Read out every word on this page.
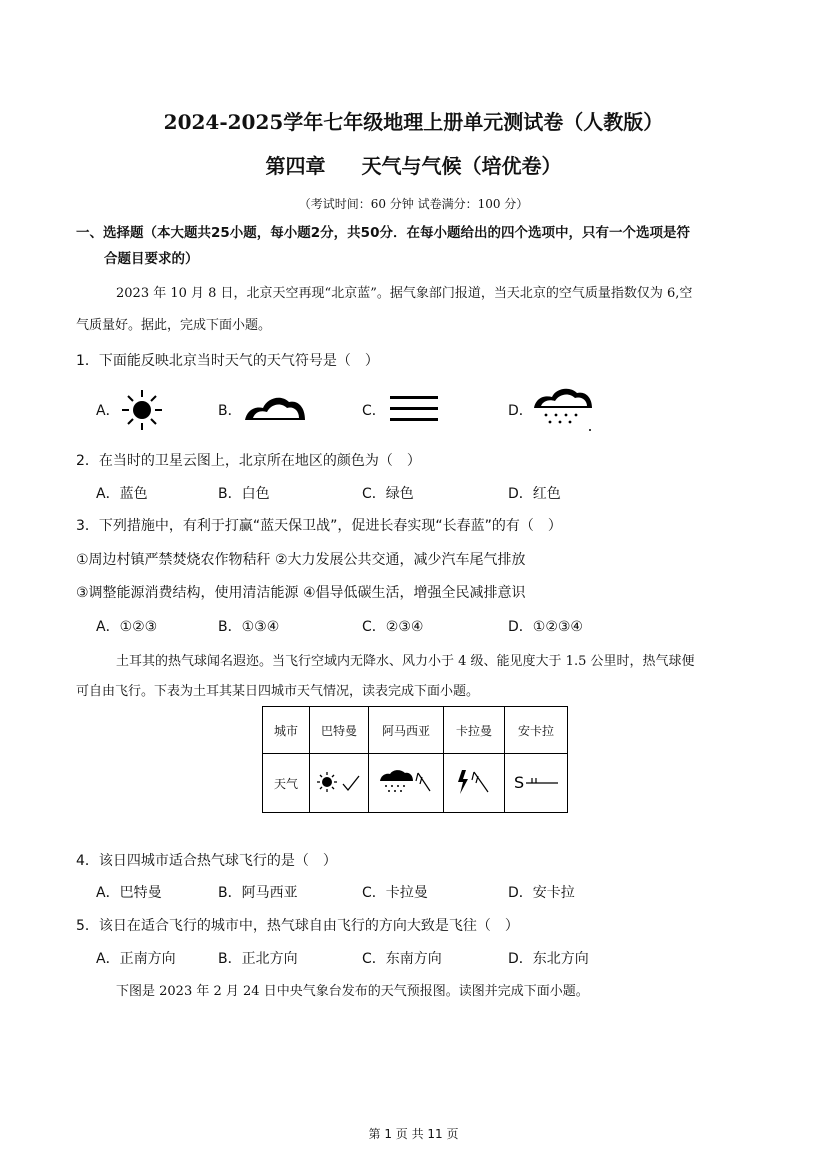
2024-2025学年七年级地理上册单元测试卷（人教版）
第四章 天气与气候（培优卷）
（考试时间：60 分钟 试卷满分：100 分）
一、选择题（本大题共25小题，每小题2分，共50分．在每小题给出的四个选项中，只有一个选项是符
合题目要求的）
2023 年 10 月 8 日，北京天空再现“北京蓝”。据气象部门报道，当天北京的空气质量指数仅为 6,空
气质量好。据此，完成下面小题。
1．下面能反映北京当时天气的天气符号是（　）
A．	B．	C．	D．
2．在当时的卫星云图上，北京所在地区的颜色为（　）
A．蓝色	B．白色	C．绿色	D．红色
3．下列措施中，有利于打赢“蓝天保卫战”，促进长春实现“长春蓝”的有（　）
①周边村镇严禁焚烧农作物秸秆 ②大力发展公共交通，减少汽车尾气排放
③调整能源消费结构，使用清洁能源 ④倡导低碳生活，增强全民减排意识
A．①②③	B．①③④	C．②③④	D．①②③④
土耳其的热气球闻名遐迩。当飞行空域内无降水、风力小于 4 级、能见度大于 1.5 公里时，热气球便
可自由飞行。下表为土耳其某日四城市天气情况，读表完成下面小题。
城市	巴特曼	阿马西亚	卡拉曼	安卡拉
天气				S
4．该日四城市适合热气球飞行的是（　）
A．巴特曼	B．阿马西亚	C．卡拉曼	D．安卡拉
5．该日在适合飞行的城市中，热气球自由飞行的方向大致是飞往（　）
A．正南方向	B．正北方向	C．东南方向	D．东北方向
下图是 2023 年 2 月 24 日中央气象台发布的天气预报图。读图并完成下面小题。
第 1 页 共 11 页
